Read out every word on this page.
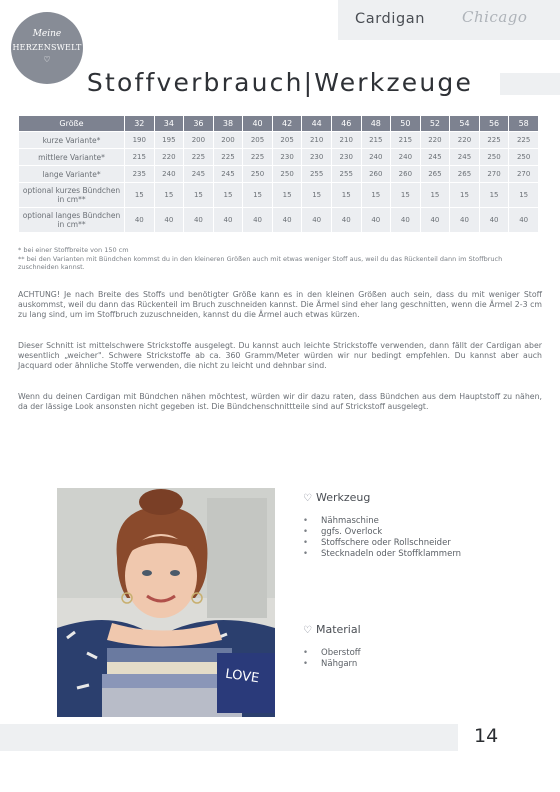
Cardigan Chicago
Meine
HERZENSWELT
♡
Stoffverbrauch|Werkzeuge
Größe	32	34	36	38	40	42	44	46	48	50	52	54	56	58
kurze Variante*	190	195	200	200	205	205	210	210	215	215	220	220	225	225
mittlere Variante*	215	220	225	225	225	230	230	230	240	240	245	245	250	250
lange Variante*	235	240	245	245	250	250	255	255	260	260	265	265	270	270
optional kurzes Bündchen in cm**	15	15	15	15	15	15	15	15	15	15	15	15	15	15
optional langes Bündchen in cm**	40	40	40	40	40	40	40	40	40	40	40	40	40	40
* bei einer Stoffbreite von 150 cm
** bei den Varianten mit Bündchen kommst du in den kleineren Größen auch mit etwas weniger Stoff aus, weil du das Rückenteil dann im Stoffbruch zuschneiden kannst.

ACHTUNG! Je nach Breite des Stoffs und benötigter Größe kann es in den kleinen Größen auch sein, dass du mit weniger Stoff auskommst, weil du dann das Rückenteil im Bruch zuschneiden kannst. Die Ärmel sind eher lang geschnitten, wenn die Ärmel 2-3 cm zu lang sind, um im Stoffbruch zuzuschneiden, kannst du die Ärmel auch etwas kürzen.

Dieser Schnitt ist mittelschwere Strickstoffe ausgelegt. Du kannst auch leichte Strickstoffe verwenden, dann fällt der Cardigan aber wesentlich „weicher". Schwere Strickstoffe ab ca. 360 Gramm/Meter würden wir nur bedingt empfehlen. Du kannst aber auch Jacquard oder ähnliche Stoffe verwenden, die nicht zu leicht und dehnbar sind.

Wenn du deinen Cardigan mit Bündchen nähen möchtest, würden wir dir dazu raten, dass Bündchen aus dem Hauptstoff zu nähen, da der lässige Look ansonsten nicht gegeben ist. Die Bündchenschnittteile sind auf Strickstoff ausgelegt.

LOVE
♡ Werkzeug
• Nähmaschine
• ggfs. Overlock
• Stoffschere oder Rollschneider
• Stecknadeln oder Stoffklammern
♡ Material
• Oberstoff
• Nähgarn
14
